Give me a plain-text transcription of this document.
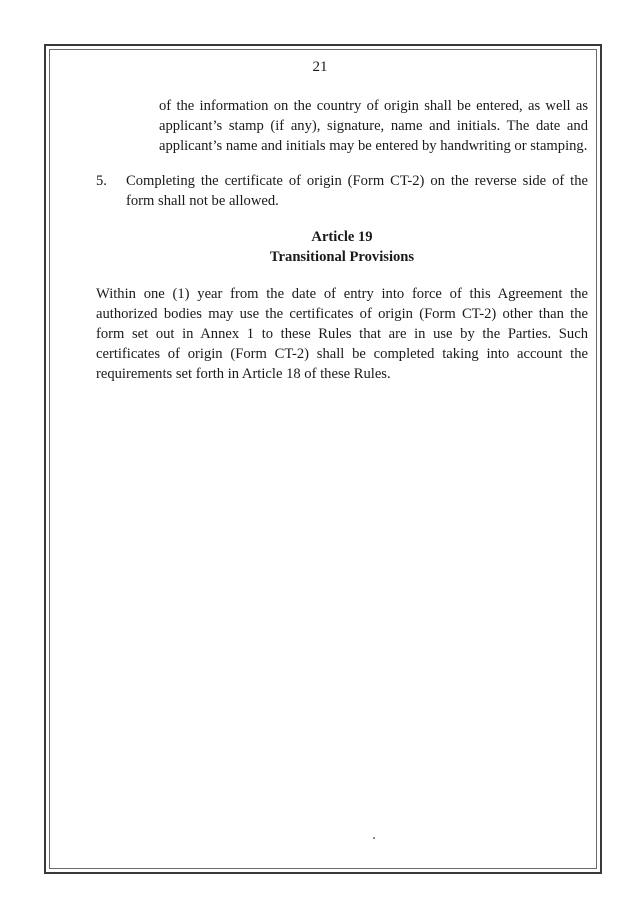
21

of the information on the country of origin shall be entered, as well as applicant’s stamp (if any), signature, name and initials. The date and applicant’s name and initials may be entered by handwriting or stamping.

5.	Completing the certificate of origin (Form CT-2) on the reverse side of the form shall not be allowed.
Article 19
Transitional Provisions

Within one (1) year from the date of entry into force of this Agreement the authorized bodies may use the certificates of origin (Form CT-2) other than the form set out in Annex 1 to these Rules that are in use by the Parties. Such certificates of origin (Form CT-2) shall be completed taking into account the requirements set forth in Article 18 of these Rules.
